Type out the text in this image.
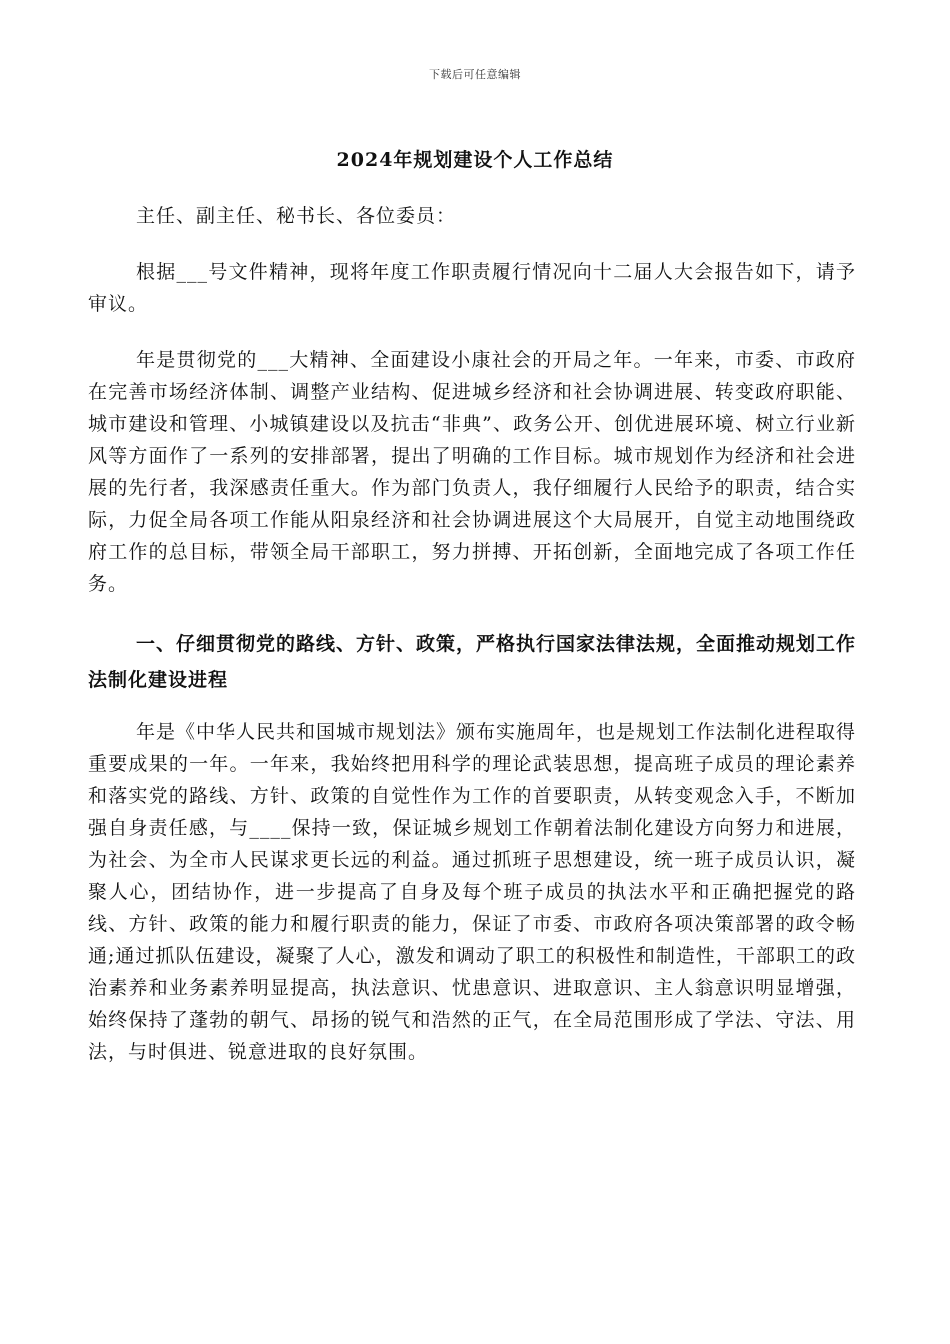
下载后可任意编辑
2024年规划建设个人工作总结

主任、副主任、秘书长、各位委员：

根据___号文件精神，现将年度工作职责履行情况向十二届人大会报告如下，请予审议。

年是贯彻党的___大精神、全面建设小康社会的开局之年。一年来，市委、市政府在完善市场经济体制、调整产业结构、促进城乡经济和社会协调进展、转变政府职能、城市建设和管理、小城镇建设以及抗击“非典”、政务公开、创优进展环境、树立行业新风等方面作了一系列的安排部署，提出了明确的工作目标。城市规划作为经济和社会进展的先行者，我深感责任重大。作为部门负责人，我仔细履行人民给予的职责，结合实际，力促全局各项工作能从阳泉经济和社会协调进展这个大局展开，自觉主动地围绕政府工作的总目标，带领全局干部职工，努力拼搏、开拓创新，全面地完成了各项工作任务。

一、仔细贯彻党的路线、方针、政策，严格执行国家法律法规，全面推动规划工作法制化建设进程

年是《中华人民共和国城市规划法》颁布实施周年，也是规划工作法制化进程取得重要成果的一年。一年来，我始终把用科学的理论武装思想，提高班子成员的理论素养和落实党的路线、方针、政策的自觉性作为工作的首要职责，从转变观念入手，不断加强自身责任感，与____保持一致，保证城乡规划工作朝着法制化建设方向努力和进展，为社会、为全市人民谋求更长远的利益。通过抓班子思想建设，统一班子成员认识，凝聚人心，团结协作，进一步提高了自身及每个班子成员的执法水平和正确把握党的路线、方针、政策的能力和履行职责的能力，保证了市委、市政府各项决策部署的政令畅通;通过抓队伍建设，凝聚了人心，激发和调动了职工的积极性和制造性，干部职工的政治素养和业务素养明显提高，执法意识、忧患意识、进取意识、主人翁意识明显增强，始终保持了蓬勃的朝气、昂扬的锐气和浩然的正气，在全局范围形成了学法、守法、用法，与时俱进、锐意进取的良好氛围。
